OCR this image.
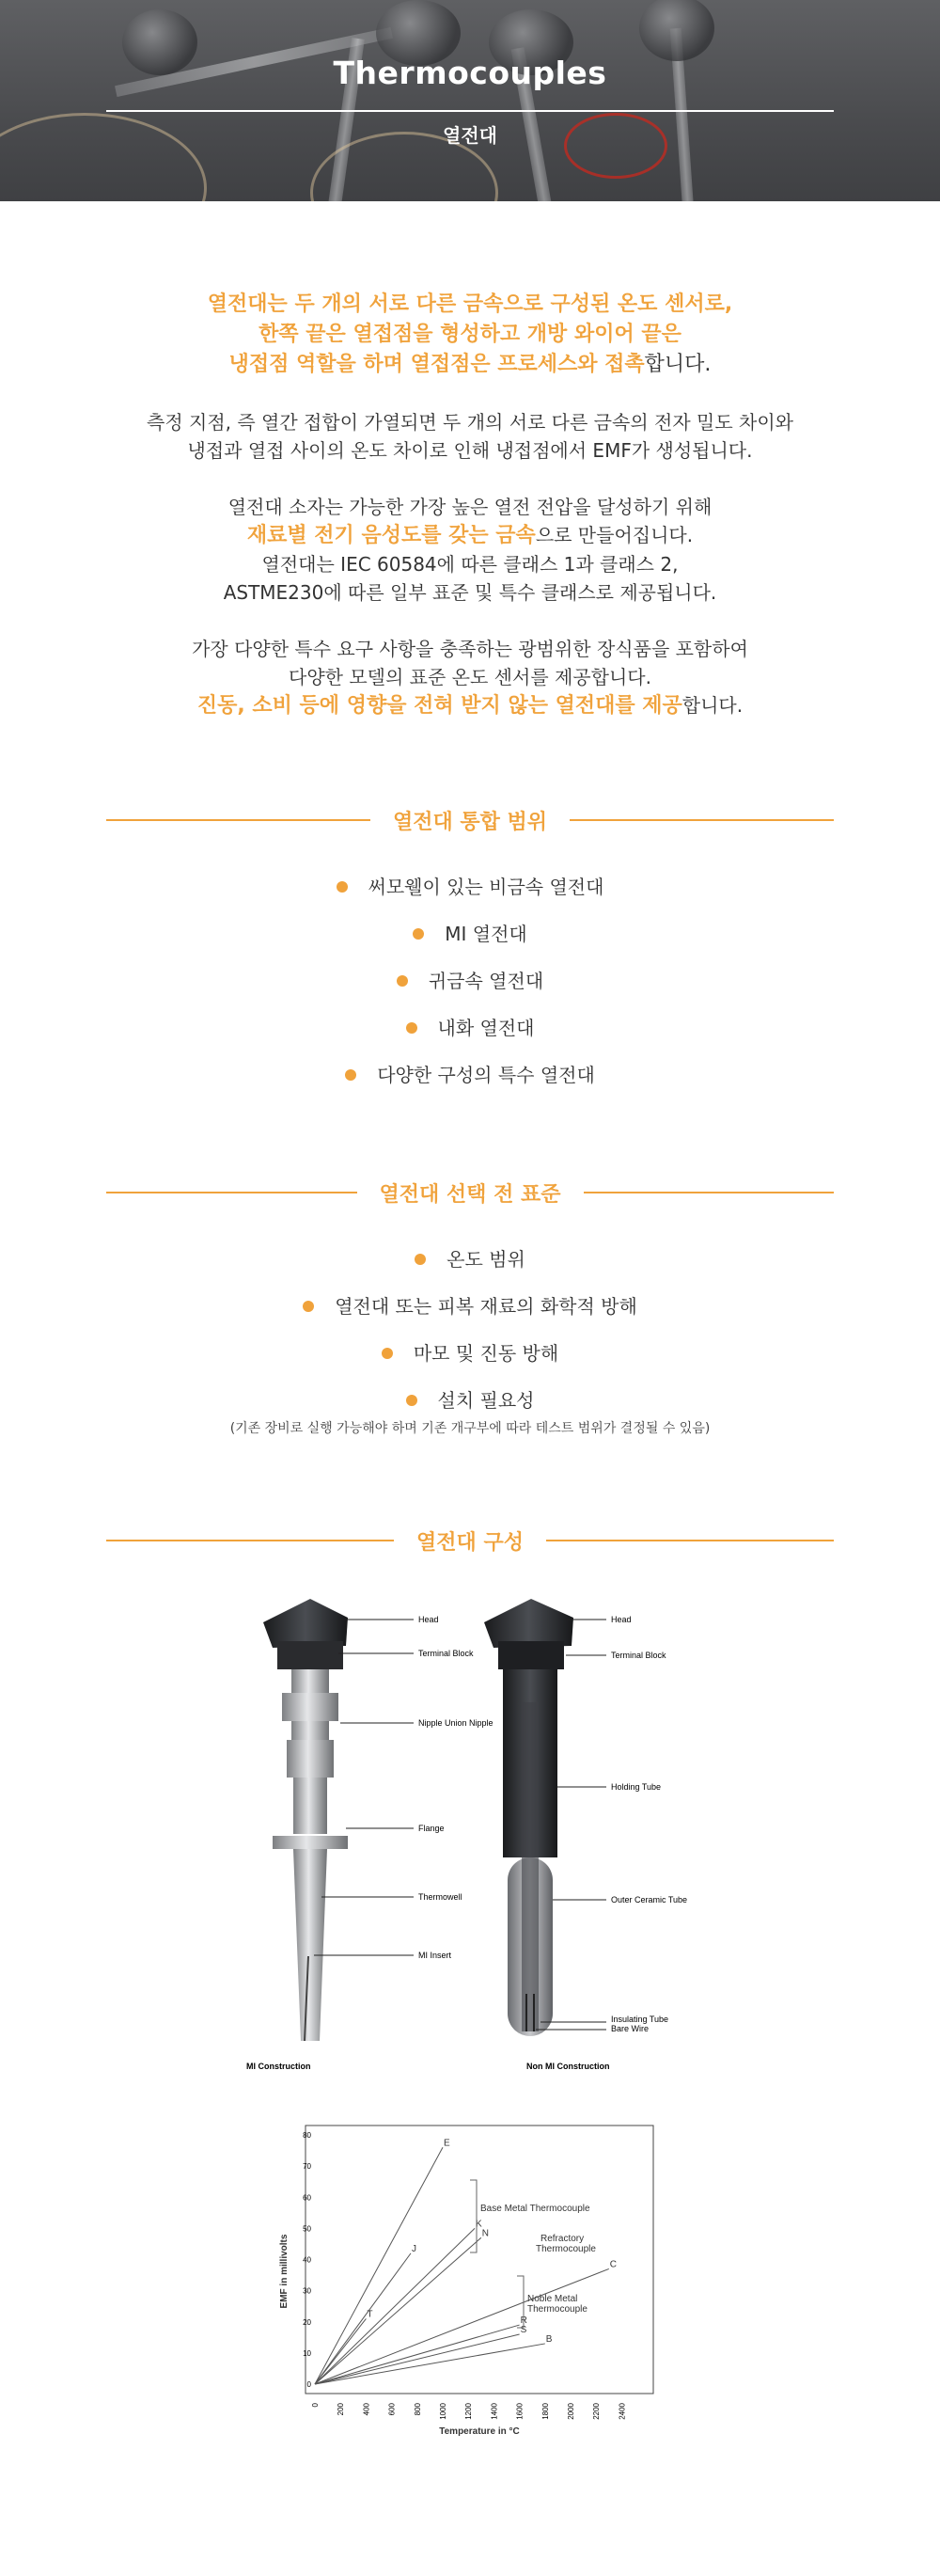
Thermocouples
열전대

열전대는 두 개의 서로 다른 금속으로 구성된 온도 센서로,
한쪽 끝은 열접점을 형성하고 개방 와이어 끝은
냉접점 역할을 하며 열접점은 프로세스와 접촉합니다.

측정 지점, 즉 열간 접합이 가열되면 두 개의 서로 다른 금속의 전자 밀도 차이와
냉접과 열접 사이의 온도 차이로 인해 냉접점에서 EMF가 생성됩니다.

열전대 소자는 가능한 가장 높은 열전 전압을 달성하기 위해
재료별 전기 음성도를 갖는 금속으로 만들어집니다.
열전대는 IEC 60584에 따른 클래스 1과 클래스 2,
ASTME230에 따른 일부 표준 및 특수 클래스로 제공됩니다.

가장 다양한 특수 요구 사항을 충족하는 광범위한 장식품을 포함하여
다양한 모델의 표준 온도 센서를 제공합니다.
진동, 소비 등에 영향을 전혀 받지 않는 열전대를 제공합니다.

열전대 통합 범위
써모웰이 있는 비금속 열전대
MI 열전대
귀금속 열전대
내화 열전대
다양한 구성의 특수 열전대
열전대 선택 전 표준
온도 범위
열전대 또는 피복 재료의 화학적 방해
마모 및 진동 방해
설치 필요성
(기존 장비로 실행 가능해야 하며 기존 개구부에 따라 테스트 범위가 결정될 수 있음)
열전대 구성
Head
Terminal Block
Nipple Union Nipple
Flange
Thermowell
MI Insert
MI Construction
Head
Terminal Block
Holding Tube
Outer Ceramic Tube
Insulating Tube
Bare Wire
Non MI Construction
0
10
20
30
40
50
60
70
80
0 200 400 600 800 1000 1200 1400 1600 1800 2000 2200 2400
E
J
K
N
T
C
R
S
B
Base Metal Thermocouple
Refractory Thermocouple
Noble Metal Thermocouple
EMF in millivolts
Temperature in °C
